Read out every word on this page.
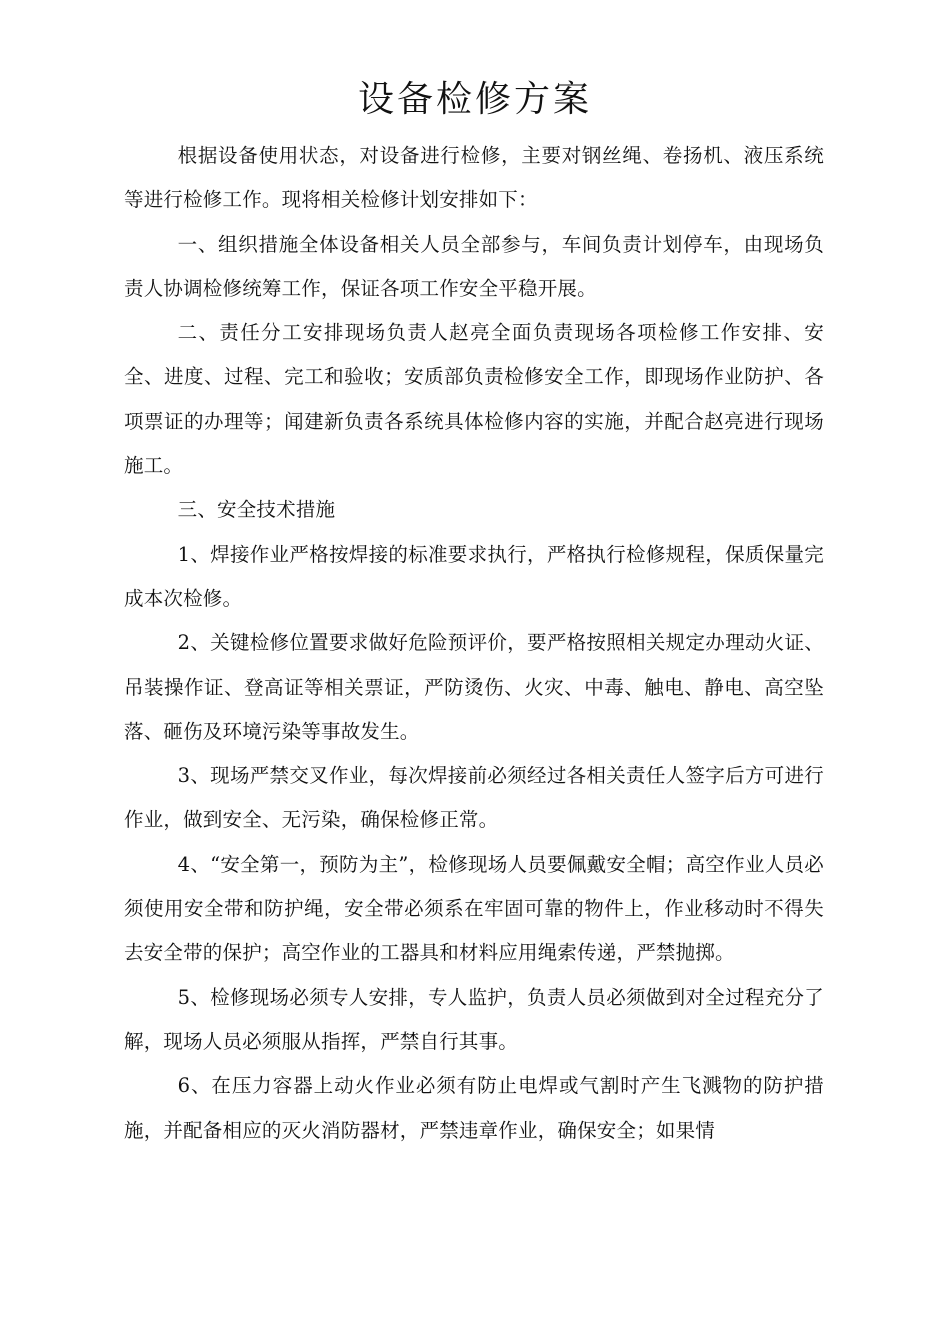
设备检修方案

根据设备使用状态，对设备进行检修，主要对钢丝绳、卷扬机、液压系统等进行检修工作。现将相关检修计划安排如下：

一、组织措施全体设备相关人员全部参与，车间负责计划停车，由现场负责人协调检修统筹工作，保证各项工作安全平稳开展。

二、责任分工安排现场负责人赵亮全面负责现场各项检修工作安排、安全、进度、过程、完工和验收；安质部负责检修安全工作，即现场作业防护、各项票证的办理等；闻建新负责各系统具体检修内容的实施，并配合赵亮进行现场施工。

三、安全技术措施

1、焊接作业严格按焊接的标准要求执行，严格执行检修规程，保质保量完成本次检修。

2、关键检修位置要求做好危险预评价，要严格按照相关规定办理动火证、吊装操作证、登高证等相关票证，严防烫伤、火灾、中毒、触电、静电、高空坠落、砸伤及环境污染等事故发生。

3、现场严禁交叉作业，每次焊接前必须经过各相关责任人签字后方可进行作业，做到安全、无污染，确保检修正常。

4、“安全第一，预防为主”，检修现场人员要佩戴安全帽；高空作业人员必须使用安全带和防护绳，安全带必须系在牢固可靠的物件上，作业移动时不得失去安全带的保护；高空作业的工器具和材料应用绳索传递，严禁抛掷。

5、检修现场必须专人安排，专人监护，负责人员必须做到对全过程充分了解，现场人员必须服从指挥，严禁自行其事。

6、在压力容器上动火作业必须有防止电焊或气割时产生飞溅物的防护措施，并配备相应的灭火消防器材，严禁违章作业，确保安全；如果情
